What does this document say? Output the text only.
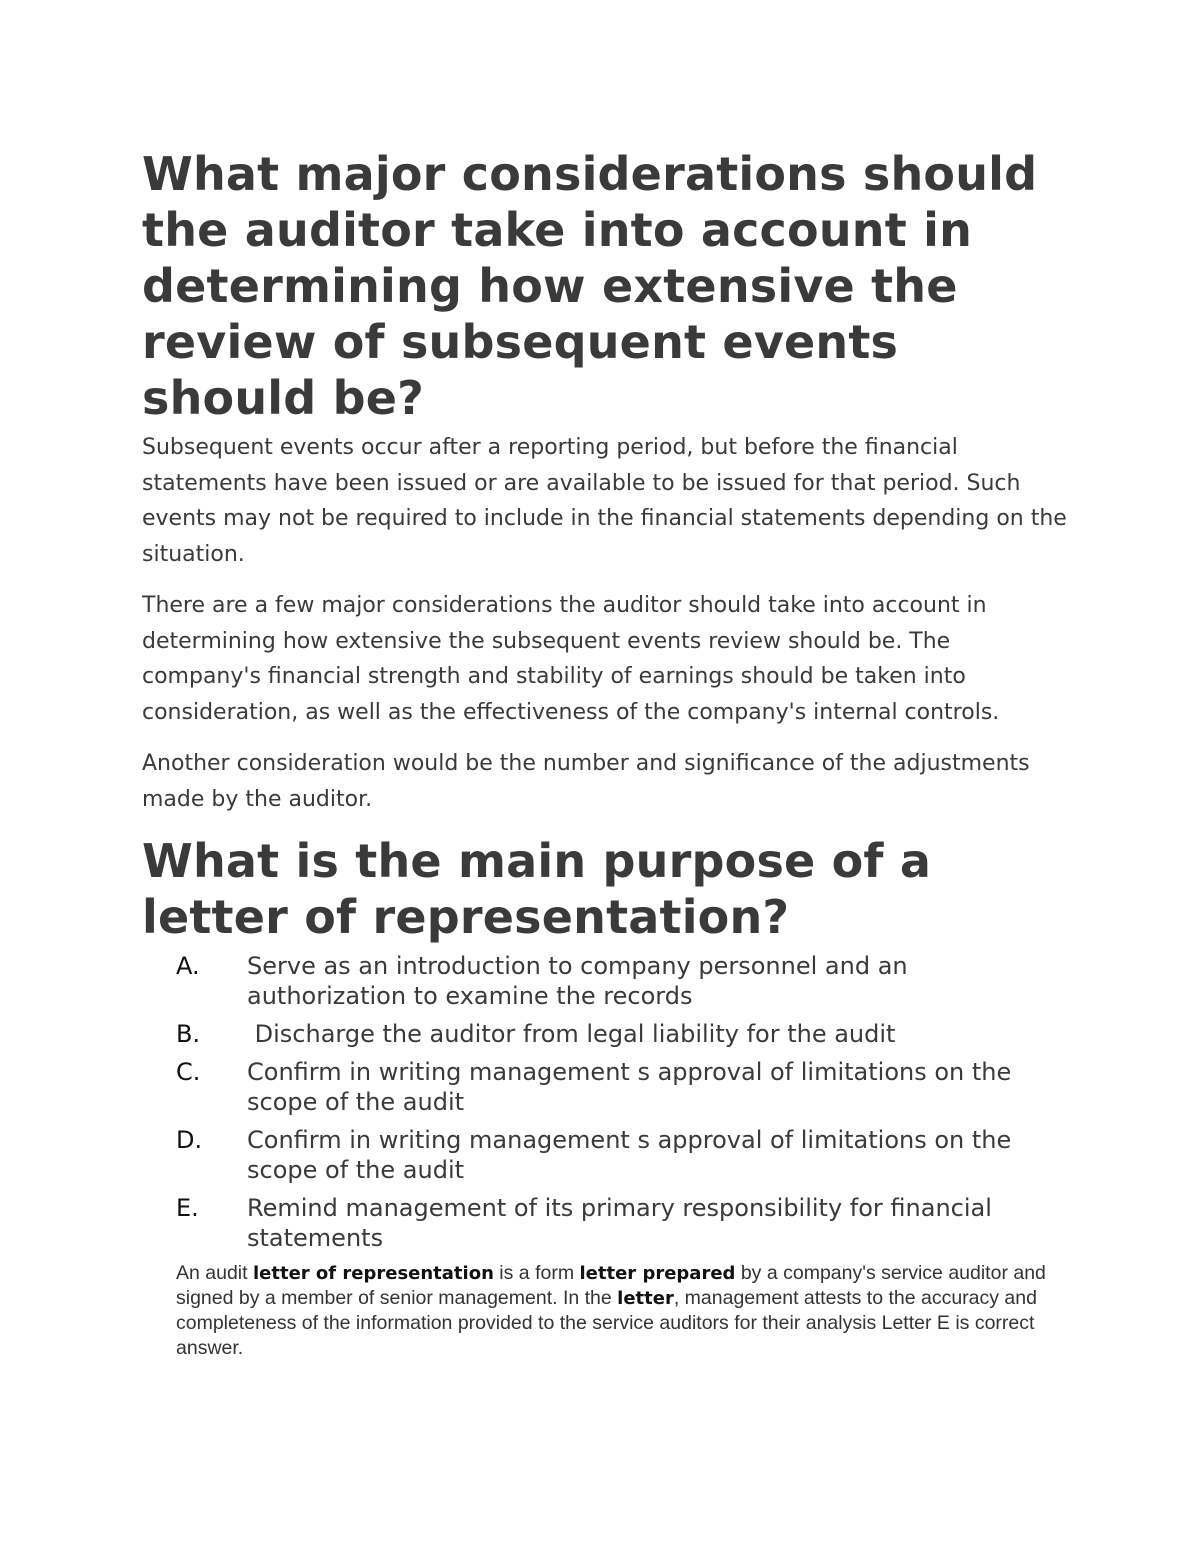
What major considerations should the auditor take into account in determining how extensive the review of subsequent events should be?

Subsequent events occur after a reporting period, but before the financial statements have been issued or are available to be issued for that period. Such events may not be required to include in the financial statements depending on the situation.

There are a few major considerations the auditor should take into account in determining how extensive the subsequent events review should be. The company's financial strength and stability of earnings should be taken into consideration, as well as the effectiveness of the company's internal controls.

Another consideration would be the number and significance of the adjustments made by the auditor.

What is the main purpose of a letter of representation?
A.	Serve as an introduction to company personnel and an authorization to examine the records
B.	Discharge the auditor from legal liability for the audit
C.	Confirm in writing management s approval of limitations on the scope of the audit
D.	Confirm in writing management s approval of limitations on the scope of the audit
E.	Remind management of its primary responsibility for financial statements

An audit letter of representation is a form letter prepared by a company's service auditor and signed by a member of senior management. In the letter, management attests to the accuracy and completeness of the information provided to the service auditors for their analysis Letter E is correct answer.
